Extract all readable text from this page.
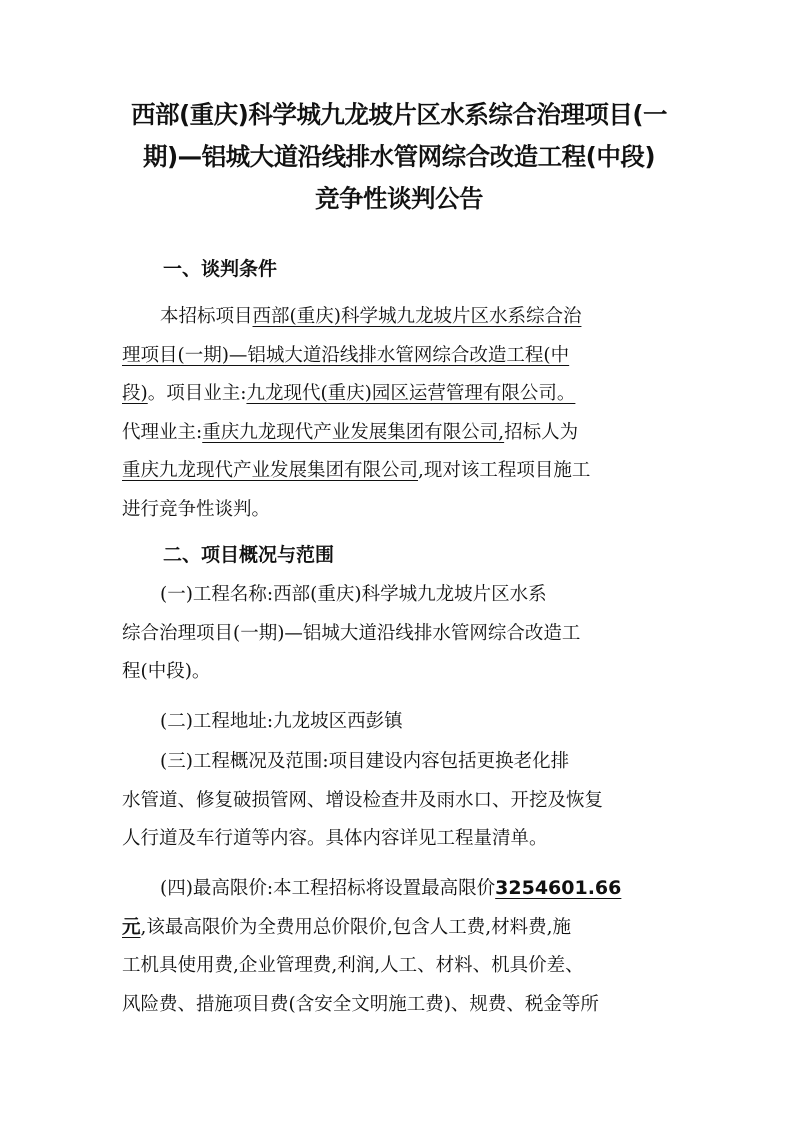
西部(重庆)科学城九龙坡片区水系综合治理项目(一
期)—铝城大道沿线排水管网综合改造工程(中段)
竞争性谈判公告
一、谈判条件
本招标项目西部(重庆)科学城九龙坡片区水系综合治
理项目(一期)—铝城大道沿线排水管网综合改造工程(中
段)。项目业主:九龙现代(重庆)园区运营管理有限公司。
代理业主:重庆九龙现代产业发展集团有限公司,招标人为
重庆九龙现代产业发展集团有限公司,现对该工程项目施工
进行竞争性谈判。
二、项目概况与范围
(一)工程名称:西部(重庆)科学城九龙坡片区水系
综合治理项目(一期)—铝城大道沿线排水管网综合改造工
程(中段)。
(二)工程地址:九龙坡区西彭镇
(三)工程概况及范围:项目建设内容包括更换老化排
水管道、修复破损管网、增设检查井及雨水口、开挖及恢复
人行道及车行道等内容。具体内容详见工程量清单。
(四)最高限价:本工程招标将设置最高限价3254601.66
元,该最高限价为全费用总价限价,包含人工费,材料费,施
工机具使用费,企业管理费,利润,人工、材料、机具价差、
风险费、措施项目费(含安全文明施工费)、规费、税金等所
